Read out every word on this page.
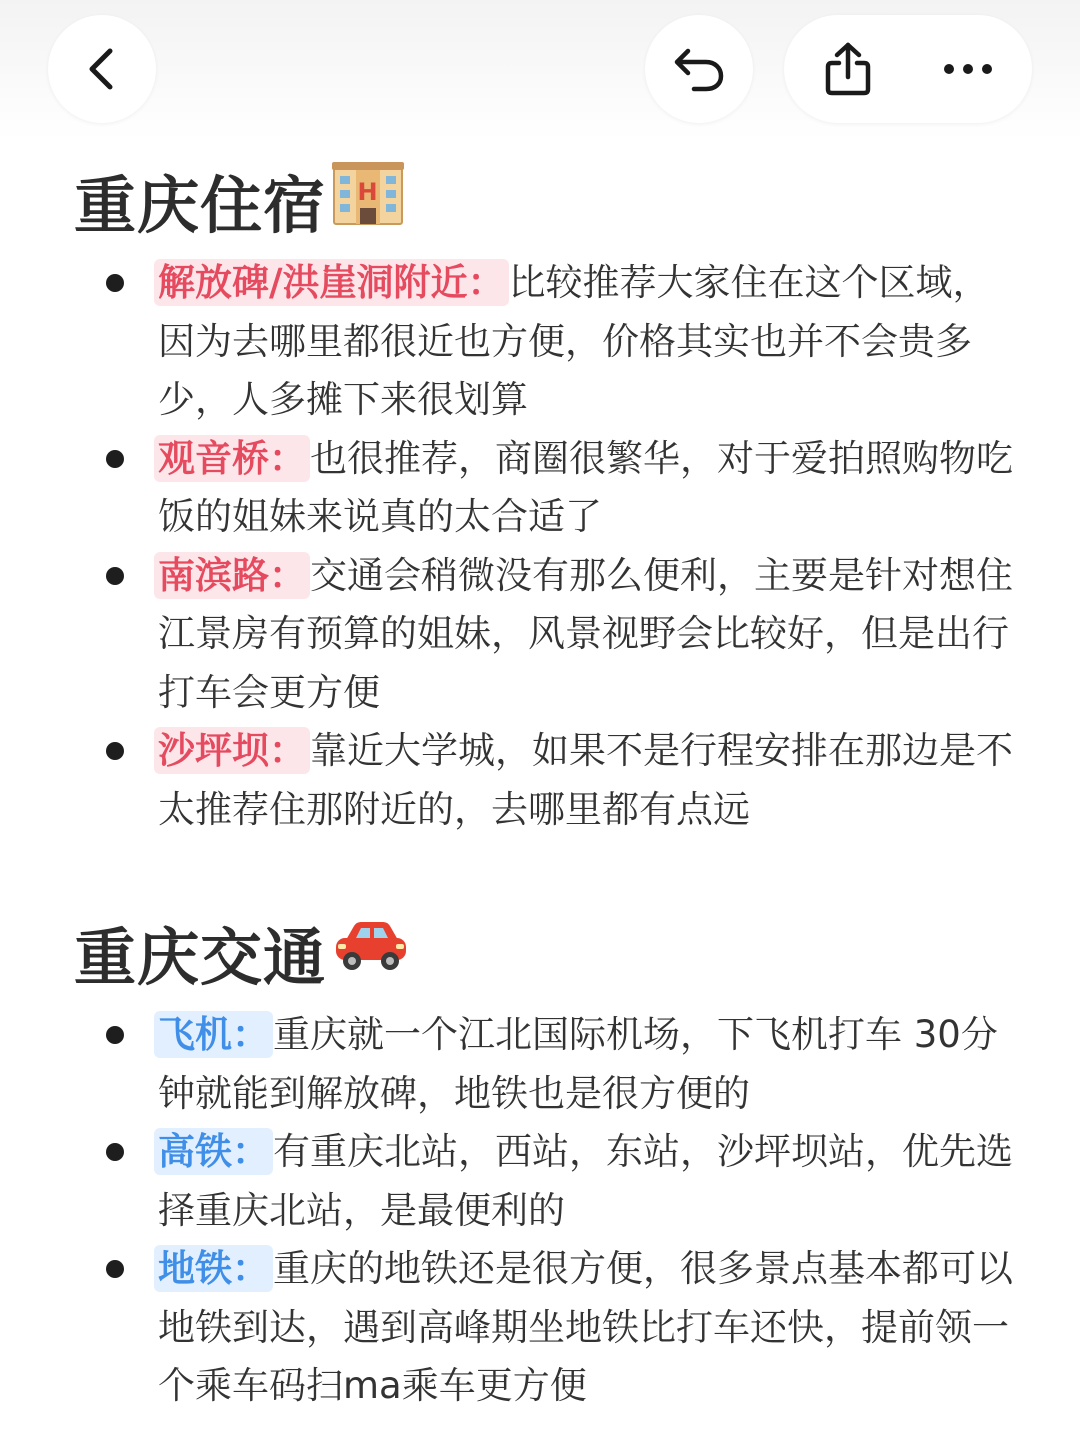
重庆住宿 H
解放碑/洪崖洞附近： 比较推荐大家住在这个区域，因为去哪里都很近也方便，价格其实也并不会贵多少，人多摊下来很划算
观音桥： 也很推荐，商圈很繁华，对于爱拍照购物吃饭的姐妹来说真的太合适了
南滨路： 交通会稍微没有那么便利，主要是针对想住江景房有预算的姐妹，风景视野会比较好，但是出行打车会更方便
沙坪坝： 靠近大学城，如果不是行程安排在那边是不太推荐住那附近的，去哪里都有点远
重庆交通
飞机： 重庆就一个江北国际机场，下飞机打车 30分钟就能到解放碑，地铁也是很方便的
高铁： 有重庆北站，西站，东站，沙坪坝站，优先选择重庆北站，是最便利的
地铁： 重庆的地铁还是很方便，很多景点基本都可以地铁到达，遇到高峰期坐地铁比打车还快，提前领一个乘车码扫ma乘车更方便
